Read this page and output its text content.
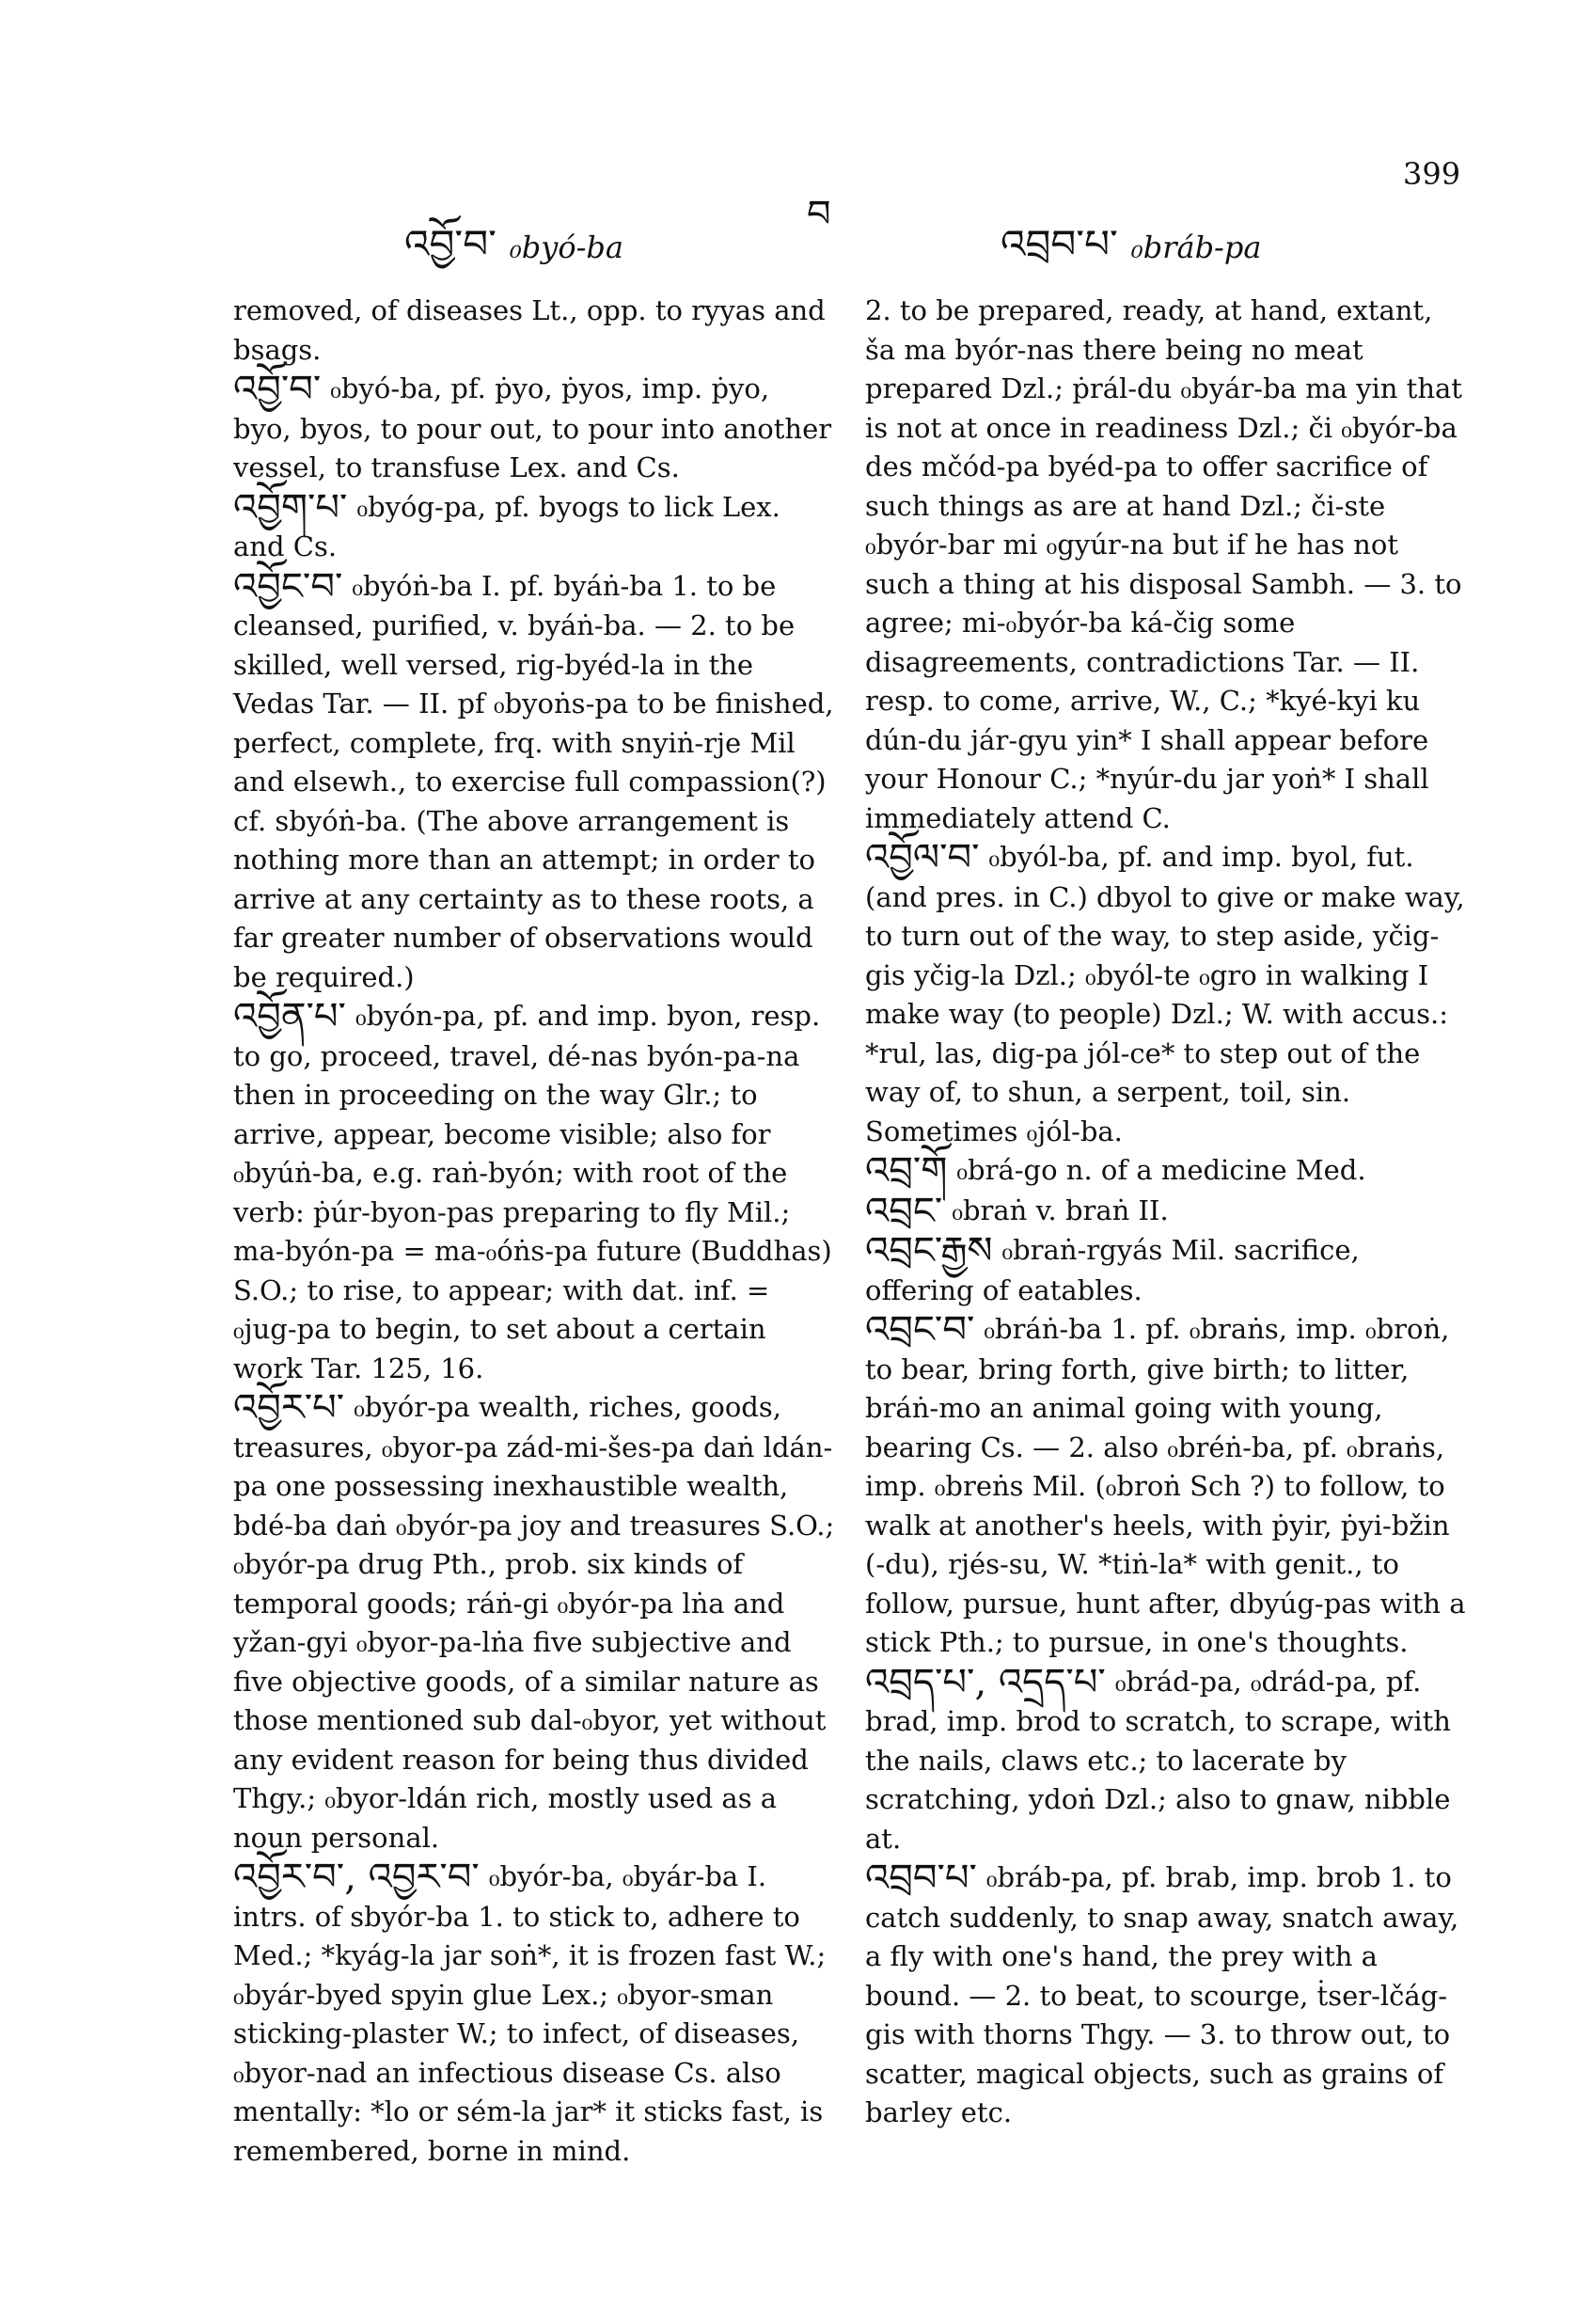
འབྱོ་བ་ ₀byó-ba
བ
འབྲབ་པ་ ₀bráb-pa
399

removed, of diseases Lt., opp. to ryyas and bsags.

འབྱོ་བ་ ₀byó-ba, pf. ṗyo, ṗyos, imp. ṗyo, byo, byos, to pour out, to pour into another vessel, to transfuse Lex. and Cs.

འབྱོག་པ་ ₀byóg-pa, pf. byogs to lick Lex. and Cs.

འབྱོང་བ་ ₀byóṅ-ba I. pf. byáṅ-ba 1. to be cleansed, purified, v. byáṅ-ba. — 2. to be skilled, well versed, rig-byéd-la in the Vedas Tar. — II. pf ₀byoṅs-pa to be finished, perfect, complete, frq. with snyiṅ-rje Mil and elsewh., to exercise full compassion(?) cf. sbyóṅ-ba. (The above arrangement is nothing more than an attempt; in order to arrive at any certainty as to these roots, a far greater number of observations would be required.)

འབྱོན་པ་ ₀byón-pa, pf. and imp. byon, resp. to go, proceed, travel, dé-nas byón-pa-na then in proceeding on the way Glr.; to arrive, appear, become visible; also for ₀byúṅ-ba, e.g. raṅ-byón; with root of the verb: ṗúr-byon-pas preparing to fly Mil.; ma-byón-pa = ma-₀óṅs-pa future (Buddhas) S.O.; to rise, to appear; with dat. inf. = ₀jug-pa to begin, to set about a certain work Tar. 125, 16.

འབྱོར་པ་ ₀byór-pa wealth, riches, goods, treasures, ₀byor-pa zád-mi-šes-pa daṅ ldán-pa one possessing inexhaustible wealth, bdé-ba daṅ ₀byór-pa joy and treasures S.O.; ₀byór-pa drug Pth., prob. six kinds of temporal goods; ráṅ-gi ₀byór-pa lṅa and yžan-gyi ₀byor-pa-lṅa five subjective and five objective goods, of a similar nature as those mentioned sub dal-₀byor, yet without any evident reason for being thus divided Thgy.; ₀byor-ldán rich, mostly used as a noun personal.

འབྱོར་བ་, འབྱར་བ་ ₀byór-ba, ₀byár-ba I. intrs. of sbyór-ba 1. to stick to, adhere to Med.; *kyág-la jar soṅ*, it is frozen fast W.; ₀byár-byed spyin glue Lex.; ₀byor-sman sticking-plaster W.; to infect, of diseases, ₀byor-nad an infectious disease Cs. also mentally: *lo or sém-la jar* it sticks fast, is remembered, borne in mind.

2. to be prepared, ready, at hand, extant, ša ma byór-nas there being no meat prepared Dzl.; ṗrál-du ₀byár-ba ma yin that is not at once in readiness Dzl.; či ₀byór-ba des mčód-pa byéd-pa to offer sacrifice of such things as are at hand Dzl.; či-ste ₀byór-bar mi ₀gyúr-na but if he has not such a thing at his disposal Sambh. — 3. to agree; mi-₀byór-ba ká-čig some disagreements, contradictions Tar. — II. resp. to come, arrive, W., C.; *kyé-kyi ku dún-du jár-gyu yin* I shall appear before your Honour C.; *nyúr-du jar yoṅ* I shall immediately attend C.

འབྱོལ་བ་ ₀byól-ba, pf. and imp. byol, fut. (and pres. in C.) dbyol to give or make way, to turn out of the way, to step aside, yčig-gis yčig-la Dzl.; ₀byól-te ₀gro in walking I make way (to people) Dzl.; W. with accus.: *rul, las, dig-pa jól-ce* to step out of the way of, to shun, a serpent, toil, sin. Sometimes ₀jól-ba.

འབྲ་གོ ₀brá-go n. of a medicine Med.

འབྲང་ ₀braṅ v. braṅ II.

འབྲང་རྒྱས ₀braṅ-rgyás Mil. sacrifice, offering of eatables.

འབྲང་བ་ ₀bráṅ-ba 1. pf. ₀braṅs, imp. ₀broṅ, to bear, bring forth, give birth; to litter, bráṅ-mo an animal going with young, bearing Cs. — 2. also ₀bréṅ-ba, pf. ₀braṅs, imp. ₀breṅs Mil. (₀broṅ Sch ?) to follow, to walk at another's heels, with ṗyir, ṗyi-bžin (-du), rjés-su, W. *tiṅ-la* with genit., to follow, pursue, hunt after, dbyúg-pas with a stick Pth.; to pursue, in one's thoughts.

འབྲད་པ་, འདྲད་པ་ ₀brád-pa, ₀drád-pa, pf. brad, imp. brod to scratch, to scrape, with the nails, claws etc.; to lacerate by scratching, ydoṅ Dzl.; also to gnaw, nibble at.

འབྲབ་པ་ ₀bráb-pa, pf. brab, imp. brob 1. to catch suddenly, to snap away, snatch away, a fly with one's hand, the prey with a bound. — 2. to beat, to scourge, ṫser-lčág-gis with thorns Thgy. — 3. to throw out, to scatter, magical objects, such as grains of barley etc.
